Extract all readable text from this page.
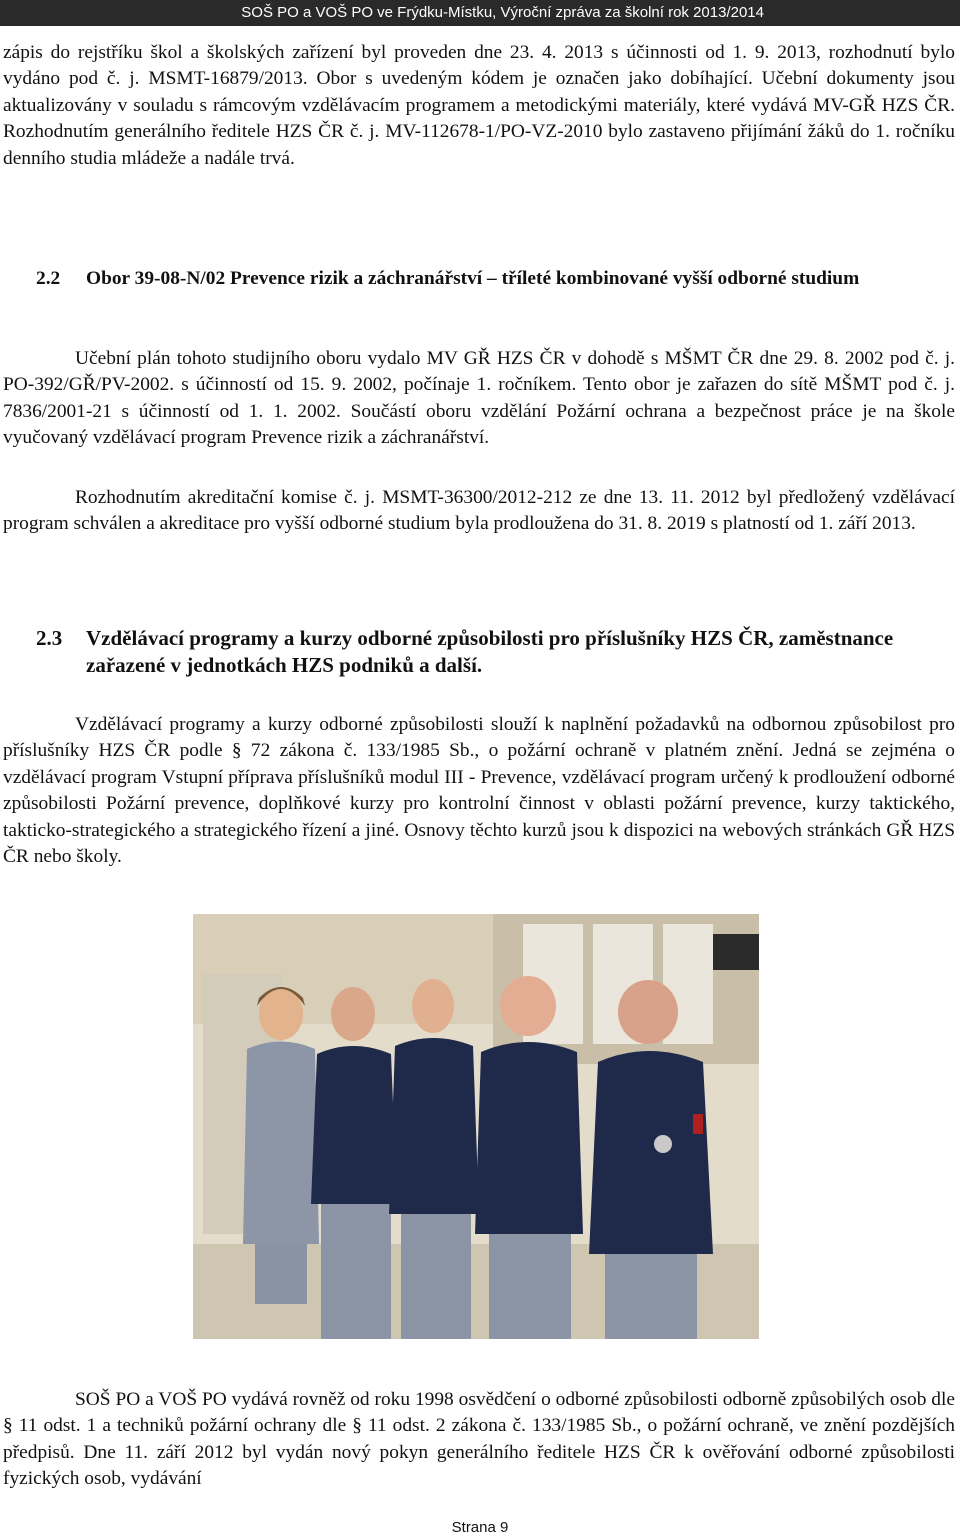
SOŠ PO a VOŠ PO ve Frýdku-Místku, Výroční zpráva za školní rok 2013/2014

zápis do rejstříku škol a školských zařízení byl proveden dne 23. 4. 2013 s účinnosti od 1. 9. 2013, rozhodnutí bylo vydáno pod č. j. MSMT-16879/2013. Obor s uvedeným kódem je označen jako dobíhající. Učební dokumenty jsou aktualizovány v souladu s rámcovým vzdělávacím programem a metodickými materiály, které vydává MV-GŘ HZS ČR. Rozhodnutím generálního ředitele HZS ČR č. j. MV-112678-1/PO-VZ-2010 bylo zastaveno přijímání žáků do 1. ročníku denního studia mládeže a nadále trvá.

2.2	Obor 39-08-N/02 Prevence rizik a záchranářství – tříleté kombinované vyšší odborné studium

Učební plán tohoto studijního oboru vydalo MV GŘ HZS ČR v dohodě s MŠMT ČR dne 29. 8. 2002 pod č. j. PO-392/GŘ/PV-2002. s účinností od 15. 9. 2002, počínaje 1. ročníkem. Tento obor je zařazen do sítě MŠMT pod č. j. 7836/2001-21 s účinností od 1. 1. 2002. Součástí oboru vzdělání Požární ochrana a bezpečnost práce je na škole vyučovaný vzdělávací program Prevence rizik a záchranářství.

Rozhodnutím akreditační komise č. j. MSMT-36300/2012-212 ze dne 13. 11. 2012 byl předložený vzdělávací program schválen a akreditace pro vyšší odborné studium byla prodloužena do 31. 8. 2019 s platností od 1. září 2013.

2.3	Vzdělávací programy a kurzy odborné způsobilosti pro příslušníky HZS ČR, zaměstnance zařazené v jednotkách HZS podniků a další.

Vzdělávací programy a kurzy odborné způsobilosti slouží k naplnění požadavků na odbornou způsobilost pro příslušníky HZS ČR podle § 72 zákona č. 133/1985 Sb., o požární ochraně v platném znění. Jedná se zejména o vzdělávací program Vstupní příprava příslušníků modul III - Prevence, vzdělávací program určený k prodloužení odborné způsobilosti Požární prevence, doplňkové kurzy pro kontrolní činnost v oblasti požární prevence, kurzy taktického, takticko-strategického a strategického řízení a jiné. Osnovy těchto kurzů jsou k dispozici na webových stránkách GŘ HZS ČR nebo školy.

SOŠ PO a VOŠ PO vydává rovněž od roku 1998 osvědčení o odborné způsobilosti odborně způsobilých osob dle § 11 odst. 1 a techniků požární ochrany dle § 11 odst. 2 zákona č. 133/1985 Sb., o požární ochraně, ve znění pozdějších předpisů. Dne 11. září 2012 byl vydán nový pokyn generálního ředitele HZS ČR k ověřování odborné způsobilosti fyzických osob, vydávání

Strana 9
